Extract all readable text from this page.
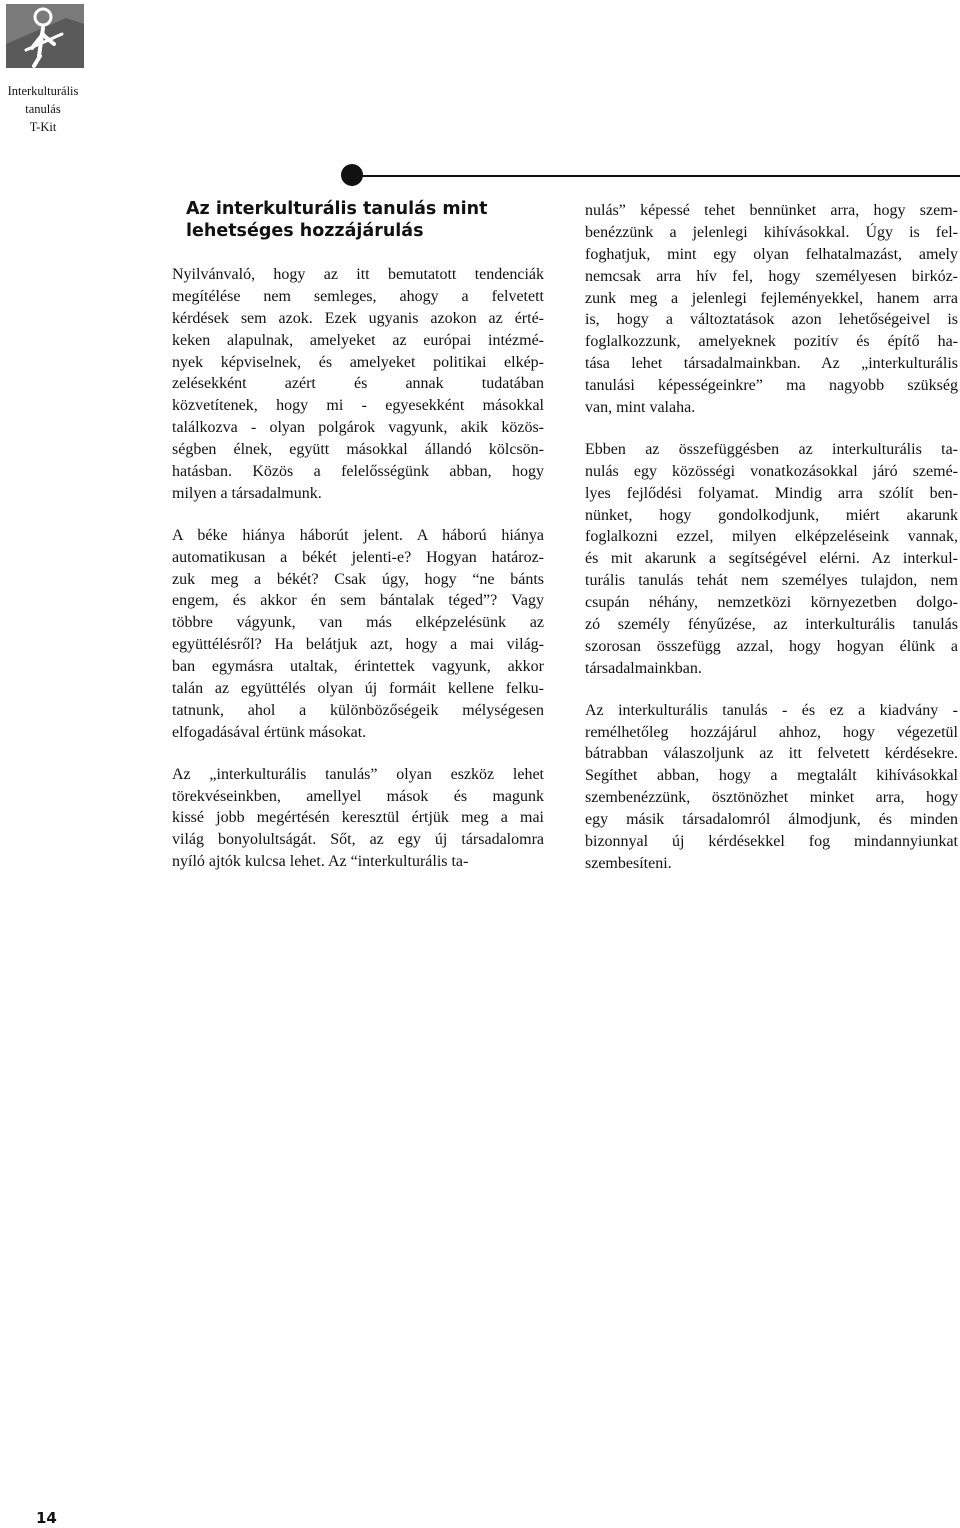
Interkulturális
tanulás
T-Kit
Az interkulturális tanulás mint
lehetséges hozzájárulás
Nyilvánvaló, hogy az itt bemutatott tendenciák
megítélése nem semleges, ahogy a felvetett
kérdések sem azok. Ezek ugyanis azokon az érté-
keken alapulnak, amelyeket az európai intézmé-
nyek képviselnek, és amelyeket politikai elkép-
zelésekként azért és annak tudatában
közvetítenek, hogy mi - egyesekként másokkal
találkozva - olyan polgárok vagyunk, akik közös-
ségben élnek, együtt másokkal állandó kölcsön-
hatásban. Közös a felelősségünk abban, hogy
milyen a társadalmunk.
A béke hiánya háborút jelent. A háború hiánya
automatikusan a békét jelenti-e? Hogyan határoz-
zuk meg a békét? Csak úgy, hogy “ne bánts
engem, és akkor én sem bántalak téged”? Vagy
többre vágyunk, van más elképzelésünk az
együttélésről? Ha belátjuk azt, hogy a mai világ-
ban egymásra utaltak, érintettek vagyunk, akkor
talán az együttélés olyan új formáit kellene felku-
tatnunk, ahol a különbözőségeik mélységesen
elfogadásával értünk másokat.
Az „interkulturális tanulás” olyan eszköz lehet
törekvéseinkben, amellyel mások és magunk
kissé jobb megértésén keresztül értjük meg a mai
világ bonyolultságát. Sőt, az egy új társadalomra
nyíló ajtók kulcsa lehet. Az “interkulturális ta-
nulás” képessé tehet bennünket arra, hogy szem-
benézzünk a jelenlegi kihívásokkal. Úgy is fel-
foghatjuk, mint egy olyan felhatalmazást, amely
nemcsak arra hív fel, hogy személyesen birkóz-
zunk meg a jelenlegi fejleményekkel, hanem arra
is, hogy a változtatások azon lehetőségeivel is
foglalkozzunk, amelyeknek pozitív és építő ha-
tása lehet társadalmainkban. Az „interkulturális
tanulási képességeinkre” ma nagyobb szükség
van, mint valaha.
Ebben az összefüggésben az interkulturális ta-
nulás egy közösségi vonatkozásokkal járó szemé-
lyes fejlődési folyamat. Mindig arra szólít ben-
nünket, hogy gondolkodjunk, miért akarunk
foglalkozni ezzel, milyen elképzeléseink vannak,
és mit akarunk a segítségével elérni. Az interkul-
turális tanulás tehát nem személyes tulajdon, nem
csupán néhány, nemzetközi környezetben dolgo-
zó személy fényűzése, az interkulturális tanulás
szorosan összefügg azzal, hogy hogyan élünk a
társadalmainkban.
Az interkulturális tanulás - és ez a kiadvány -
remélhetőleg hozzájárul ahhoz, hogy végezetül
bátrabban válaszoljunk az itt felvetett kérdésekre.
Segíthet abban, hogy a megtalált kihívásokkal
szembenézzünk, ösztönözhet minket arra, hogy
egy másik társadalomról álmodjunk, és minden
bizonnyal új kérdésekkel fog mindannyiunkat
szembesíteni.
14
